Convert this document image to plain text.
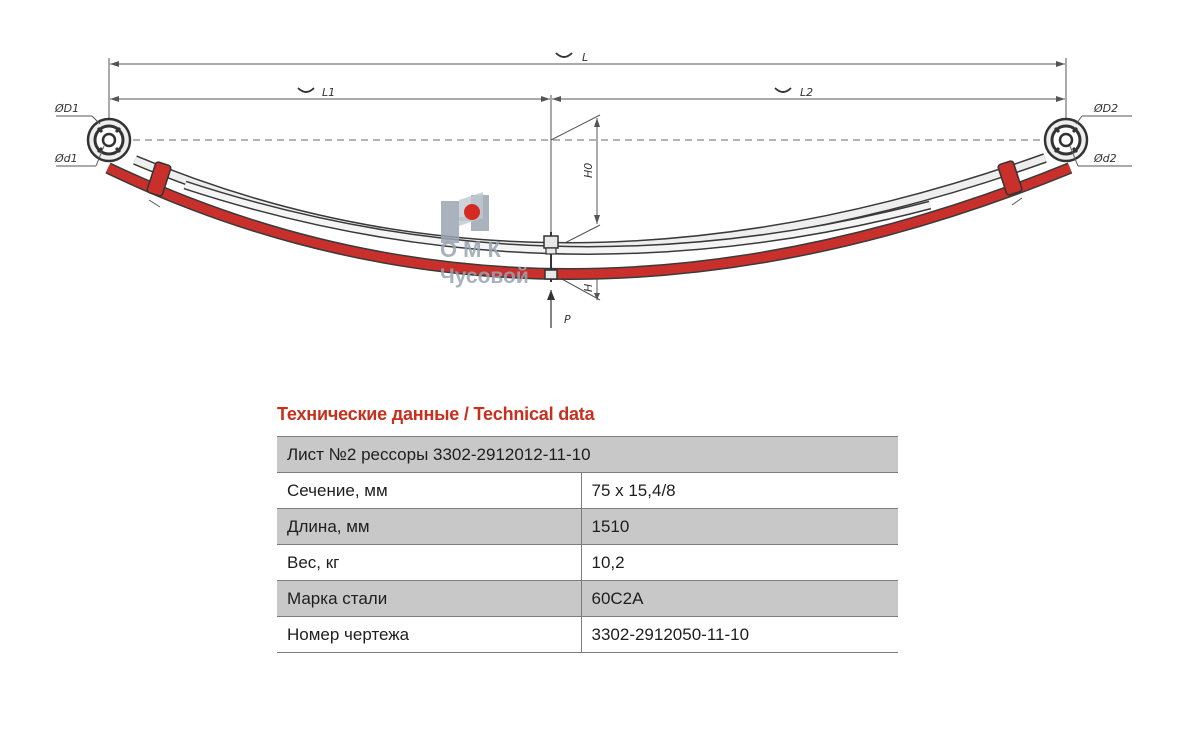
L
L1	L2
H0
H
ØD1
Ød1
ØD2
Ød2
P
ОМК
Чусовой
Технические данные / Technical data
Лист №2 рессоры 3302-2912012-11-10	
Сечение, мм	75 x 15,4/8
Длина, мм	1510
Вес, кг	10,2
Марка стали	60С2А
Номер чертежа	3302-2912050-11-10
